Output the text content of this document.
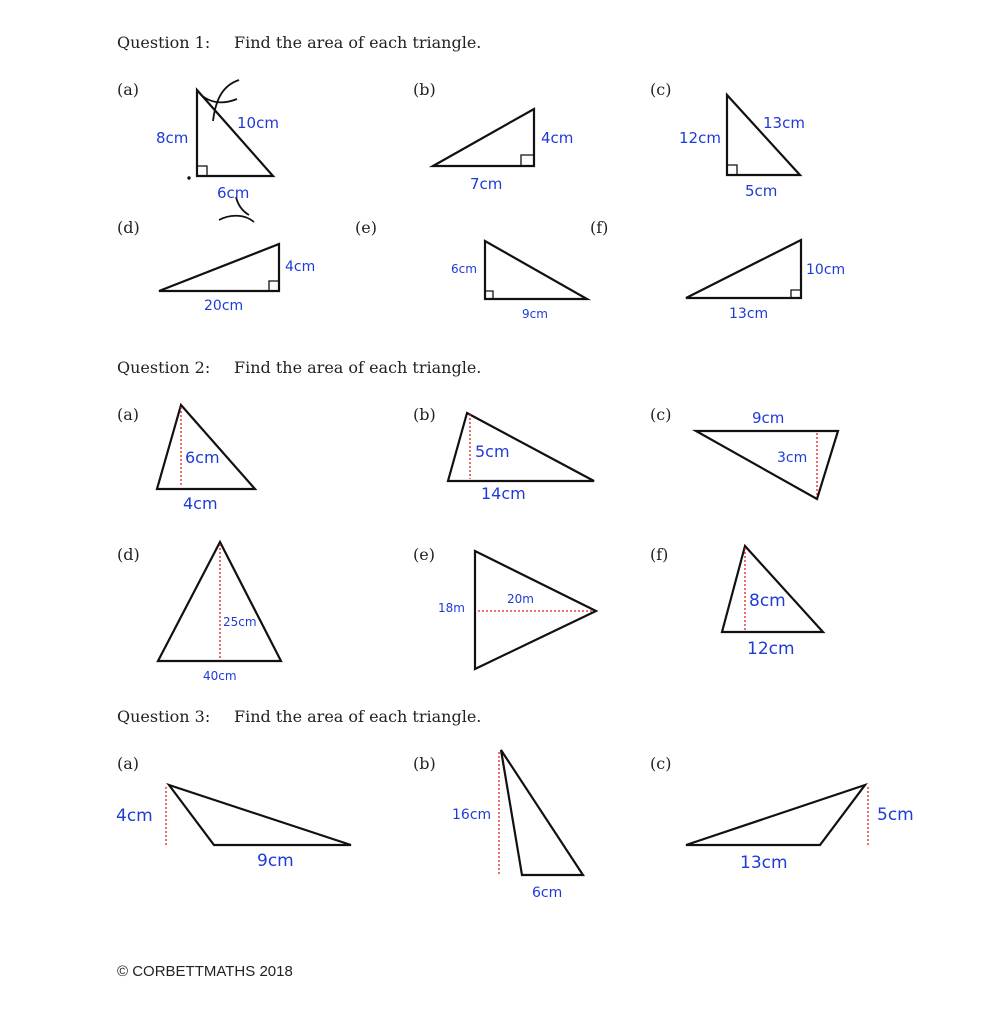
Question 1: Find the area of each triangle.
Question 2: Find the area of each triangle.
Question 3: Find the area of each triangle.
(a)	(b)	(c)
(d)	(e)	(f)
(a)	(b)	(c)
(d)	(e)	(f)
(a)	(b)	(c)
10cm
8cm
6cm
4cm
7cm
13cm
12cm
5cm
4cm
20cm
6cm
9cm
10cm
13cm
6cm
4cm
5cm
14cm
9cm
3cm
25cm
40cm
20m
18m	8cm
12cm
4cm
9cm
16cm
6cm
5cm
13cm
© CORBETTMATHS 2018
